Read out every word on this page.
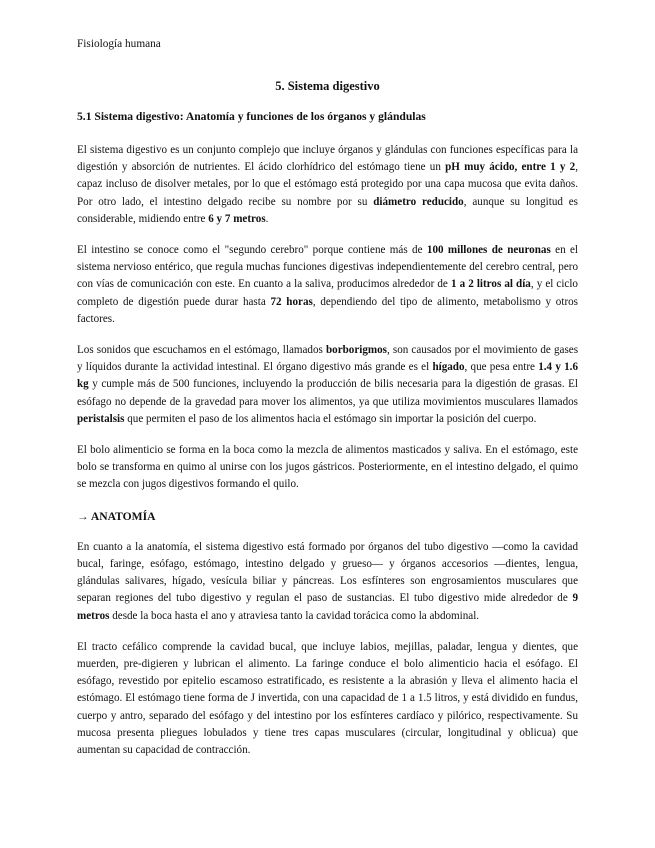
Fisiología humana
5. Sistema digestivo
5.1 Sistema digestivo: Anatomía y funciones de los órganos y glándulas

El sistema digestivo es un conjunto complejo que incluye órganos y glándulas con funciones específicas para la digestión y absorción de nutrientes. El ácido clorhídrico del estómago tiene un pH muy ácido, entre 1 y 2, capaz incluso de disolver metales, por lo que el estómago está protegido por una capa mucosa que evita daños. Por otro lado, el intestino delgado recibe su nombre por su diámetro reducido, aunque su longitud es considerable, midiendo entre 6 y 7 metros.

El intestino se conoce como el "segundo cerebro" porque contiene más de 100 millones de neuronas en el sistema nervioso entérico, que regula muchas funciones digestivas independientemente del cerebro central, pero con vías de comunicación con este. En cuanto a la saliva, producimos alrededor de 1 a 2 litros al día, y el ciclo completo de digestión puede durar hasta 72 horas, dependiendo del tipo de alimento, metabolismo y otros factores.

Los sonidos que escuchamos en el estómago, llamados borborigmos, son causados por el movimiento de gases y líquidos durante la actividad intestinal. El órgano digestivo más grande es el hígado, que pesa entre 1.4 y 1.6 kg y cumple más de 500 funciones, incluyendo la producción de bilis necesaria para la digestión de grasas. El esófago no depende de la gravedad para mover los alimentos, ya que utiliza movimientos musculares llamados peristalsis que permiten el paso de los alimentos hacia el estómago sin importar la posición del cuerpo.

El bolo alimenticio se forma en la boca como la mezcla de alimentos masticados y saliva. En el estómago, este bolo se transforma en quimo al unirse con los jugos gástricos. Posteriormente, en el intestino delgado, el quimo se mezcla con jugos digestivos formando el quilo.

→ ANATOMÍA

En cuanto a la anatomía, el sistema digestivo está formado por órganos del tubo digestivo —como la cavidad bucal, faringe, esófago, estómago, intestino delgado y grueso— y órganos accesorios —dientes, lengua, glándulas salivares, hígado, vesícula biliar y páncreas. Los esfínteres son engrosamientos musculares que separan regiones del tubo digestivo y regulan el paso de sustancias. El tubo digestivo mide alrededor de 9 metros desde la boca hasta el ano y atraviesa tanto la cavidad torácica como la abdominal.

El tracto cefálico comprende la cavidad bucal, que incluye labios, mejillas, paladar, lengua y dientes, que muerden, pre-digieren y lubrican el alimento. La faringe conduce el bolo alimenticio hacia el esófago. El esófago, revestido por epitelio escamoso estratificado, es resistente a la abrasión y lleva el alimento hacia el estómago. El estómago tiene forma de J invertida, con una capacidad de 1 a 1.5 litros, y está dividido en fundus, cuerpo y antro, separado del esófago y del intestino por los esfínteres cardíaco y pilórico, respectivamente. Su mucosa presenta pliegues lobulados y tiene tres capas musculares (circular, longitudinal y oblicua) que aumentan su capacidad de contracción.
